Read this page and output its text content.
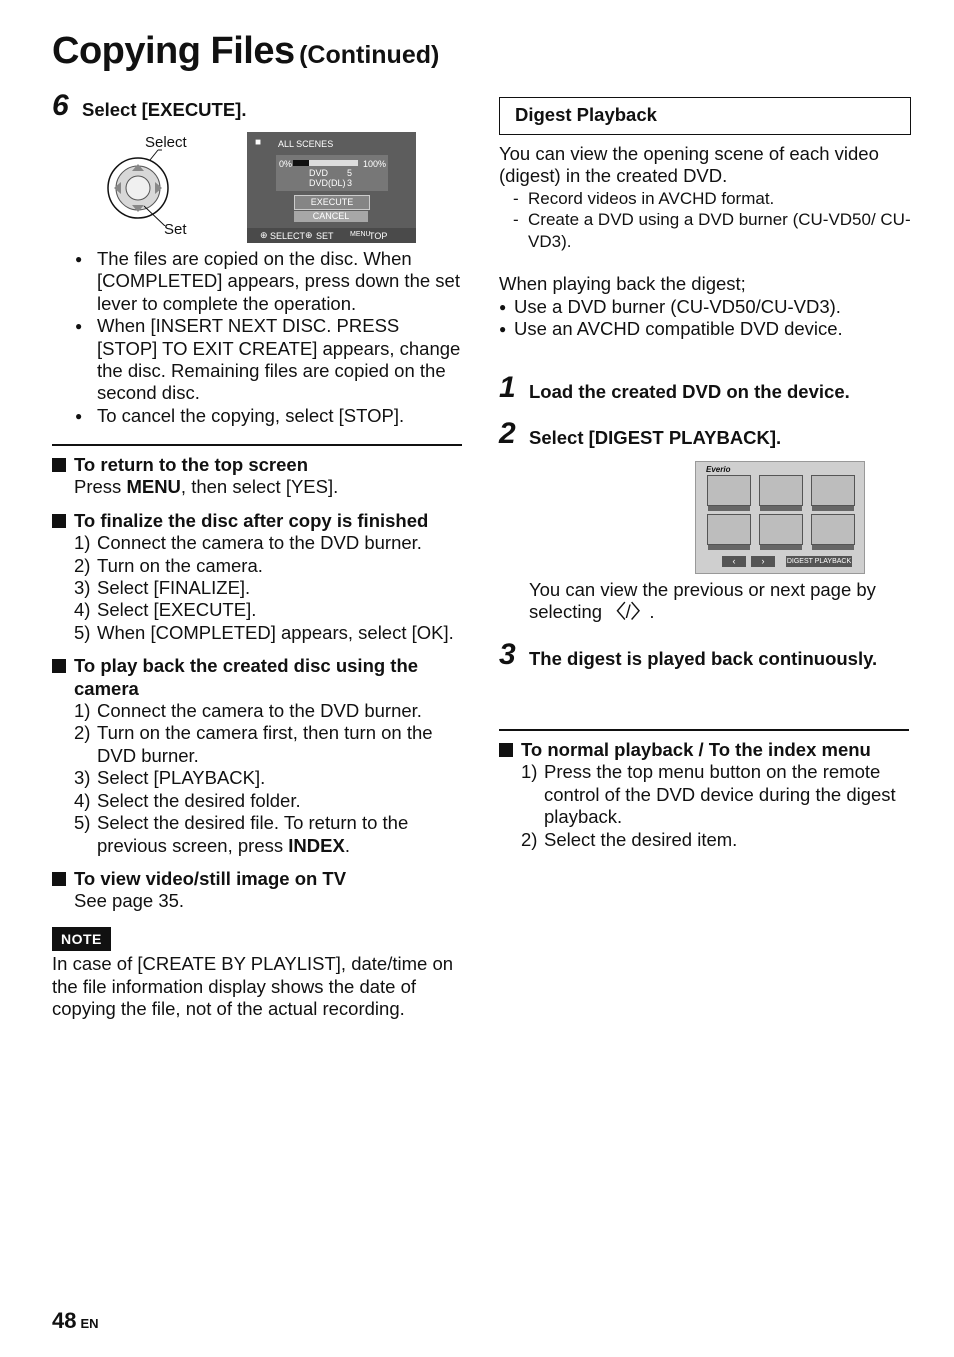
Copying Files (Continued)
6 Select [EXECUTE].
Select
Set
■ ALL SCENES
0%	100%
DVD 5
DVD(DL) 3
EXECUTE
CANCEL
⊕ SELECT ⊕ SET MENU
TOP
● The files are copied on the disc. When [COMPLETED] appears, press down the set lever to complete the operation.
● When [INSERT NEXT DISC. PRESS [STOP] TO EXIT CREATE] appears, change the disc. Remaining files are copied on the second disc.
● To cancel the copying, select [STOP].
To return to the top screen
Press MENU, then select [YES].
To finalize the disc after copy is finished
1) Connect the camera to the DVD burner.
2) Turn on the camera.
3) Select [FINALIZE].
4) Select [EXECUTE].
5) When [COMPLETED] appears, select [OK].
To play back the created disc using the camera
1) Connect the camera to the DVD burner.
2) Turn on the camera first, then turn on the DVD burner.
3) Select [PLAYBACK].
4) Select the desired folder.
5) Select the desired file. To return to the previous screen, press INDEX.
To view video/still image on TV
See page 35.
NOTE
In case of [CREATE BY PLAYLIST], date/time on the file information display shows the date of copying the file, not of the actual recording.
Digest Playback
You can view the opening scene of each video (digest) in the created DVD.
- Record videos in AVCHD format.
- Create a DVD using a DVD burner (CU-VD50/ CU-VD3).
When playing back the digest;
● Use a DVD burner (CU-VD50/CU-VD3).
● Use an AVCHD compatible DVD device.
1 Load the created DVD on the device.
2 Select [DIGEST PLAYBACK].
Everio
‹	›	DIGEST PLAYBACK
You can view the previous or next page by selecting 〈/〉.
3 The digest is played back continuously.
To normal playback / To the index menu
1) Press the top menu button on the remote control of the DVD device during the digest playback.
2) Select the desired item.
48 EN
